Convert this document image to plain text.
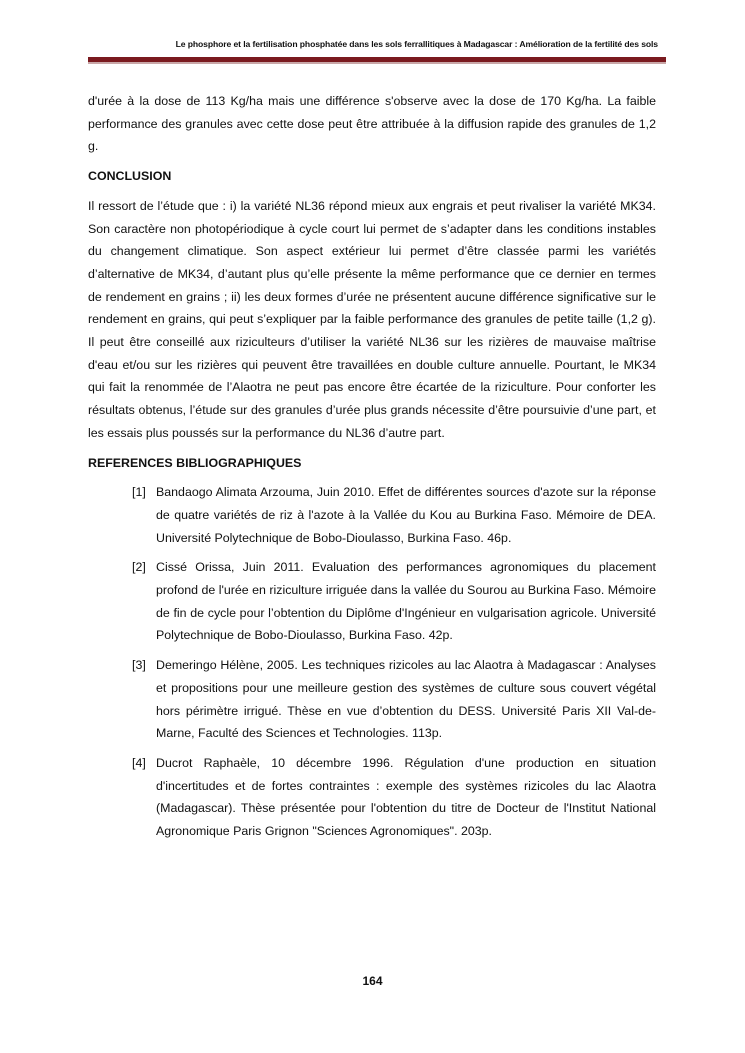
Le phosphore et la fertilisation phosphatée dans les sols ferrallitiques à Madagascar : Amélioration de la fertilité des sols

d'urée à la dose de 113 Kg/ha mais une différence s'observe avec la dose de 170 Kg/ha. La faible performance des granules avec cette dose peut être attribuée à la diffusion rapide des granules de 1,2 g.

CONCLUSION

Il ressort de l’étude que : i) la variété NL36 répond mieux aux engrais et peut rivaliser la variété MK34. Son caractère non photopériodique à cycle court lui permet de s’adapter dans les conditions instables du changement climatique. Son aspect extérieur lui permet d’être classée parmi les variétés d’alternative de MK34, d’autant plus qu’elle présente la même performance que ce dernier en termes de rendement en grains ; ii) les deux formes d’urée ne présentent aucune différence significative sur le rendement en grains, qui peut s’expliquer par la faible performance des granules de petite taille (1,2 g). Il peut être conseillé aux riziculteurs d’utiliser la variété NL36 sur les rizières de mauvaise maîtrise d'eau et/ou sur les rizières qui peuvent être travaillées en double culture annuelle. Pourtant, le MK34 qui fait la renommée de l’Alaotra ne peut pas encore être écartée de la riziculture. Pour conforter les résultats obtenus, l’étude sur des granules d’urée plus grands nécessite d’être poursuivie d’une part, et les essais plus poussés sur la performance du NL36 d’autre part.

REFERENCES BIBLIOGRAPHIQUES
[1] Bandaogo Alimata Arzouma, Juin 2010. Effet de différentes sources d'azote sur la réponse de quatre variétés de riz à l'azote à la Vallée du Kou au Burkina Faso. Mémoire de DEA. Université Polytechnique de Bobo-Dioulasso, Burkina Faso. 46p.
[2] Cissé Orissa, Juin 2011. Evaluation des performances agronomiques du placement profond de l'urée en riziculture irriguée dans la vallée du Sourou au Burkina Faso. Mémoire de fin de cycle pour l’obtention du Diplôme d'Ingénieur en vulgarisation agricole. Université Polytechnique de Bobo-Dioulasso, Burkina Faso. 42p.
[3] Demeringo Hélène, 2005. Les techniques rizicoles au lac Alaotra à Madagascar : Analyses et propositions pour une meilleure gestion des systèmes de culture sous couvert végétal hors périmètre irrigué. Thèse en vue d’obtention du DESS. Université Paris XII Val-de-Marne, Faculté des Sciences et Technologies. 113p.
[4] Ducrot Raphaèle, 10 décembre 1996. Régulation d'une production en situation d'incertitudes et de fortes contraintes : exemple des systèmes rizicoles du lac Alaotra (Madagascar). Thèse présentée pour l'obtention du titre de Docteur de l'Institut National Agronomique Paris Grignon "Sciences Agronomiques". 203p.
164
